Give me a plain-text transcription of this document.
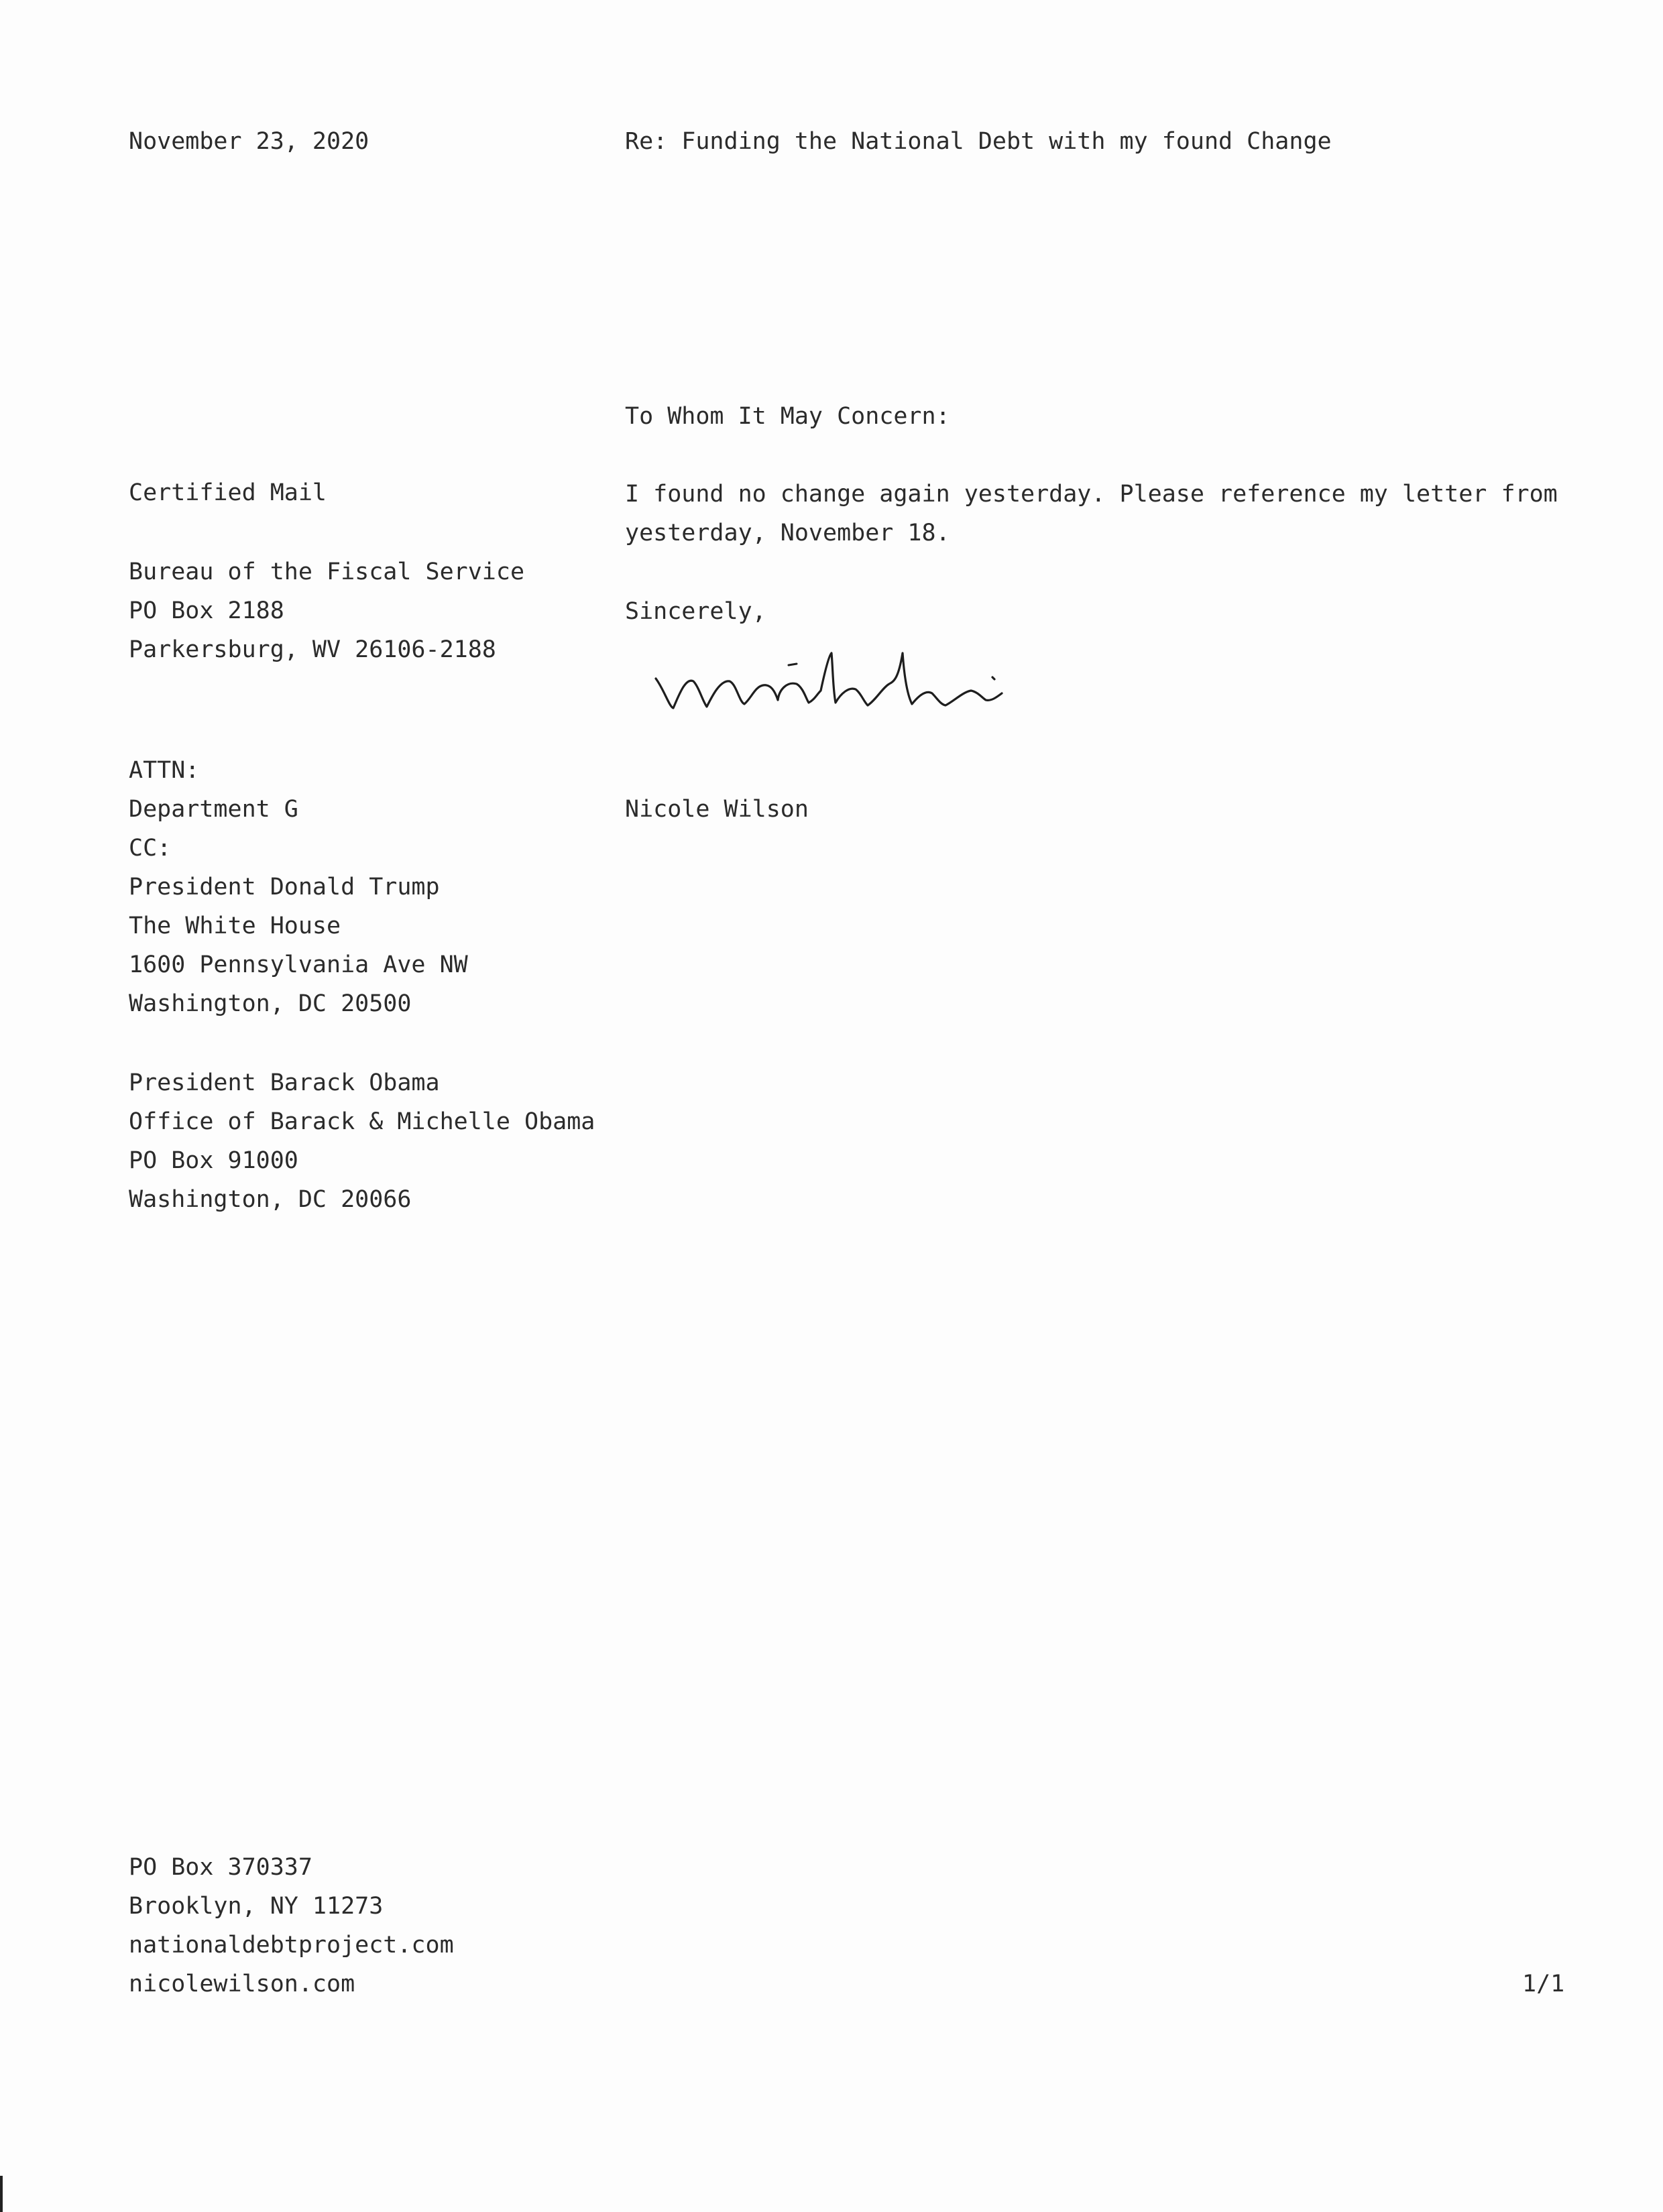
November 23, 2020	Re: Funding the National Debt with my found Change
To Whom It May Concern:
Certified Mail	I found no change again yesterday. Please reference my letter from
yesterday, November 18.
Bureau of the Fiscal Service
PO Box 2188
Parkersburg, WV 26106-2188
Sincerely,
ATTN:
Department G	Nicole Wilson
CC:
President Donald Trump
The White House
1600 Pennsylvania Ave NW
Washington, DC 20500
President Barack Obama
Office of Barack & Michelle Obama
PO Box 91000
Washington, DC 20066
PO Box 370337
Brooklyn, NY 11273
nationaldebtproject.com
nicolewilson.com	1/1
